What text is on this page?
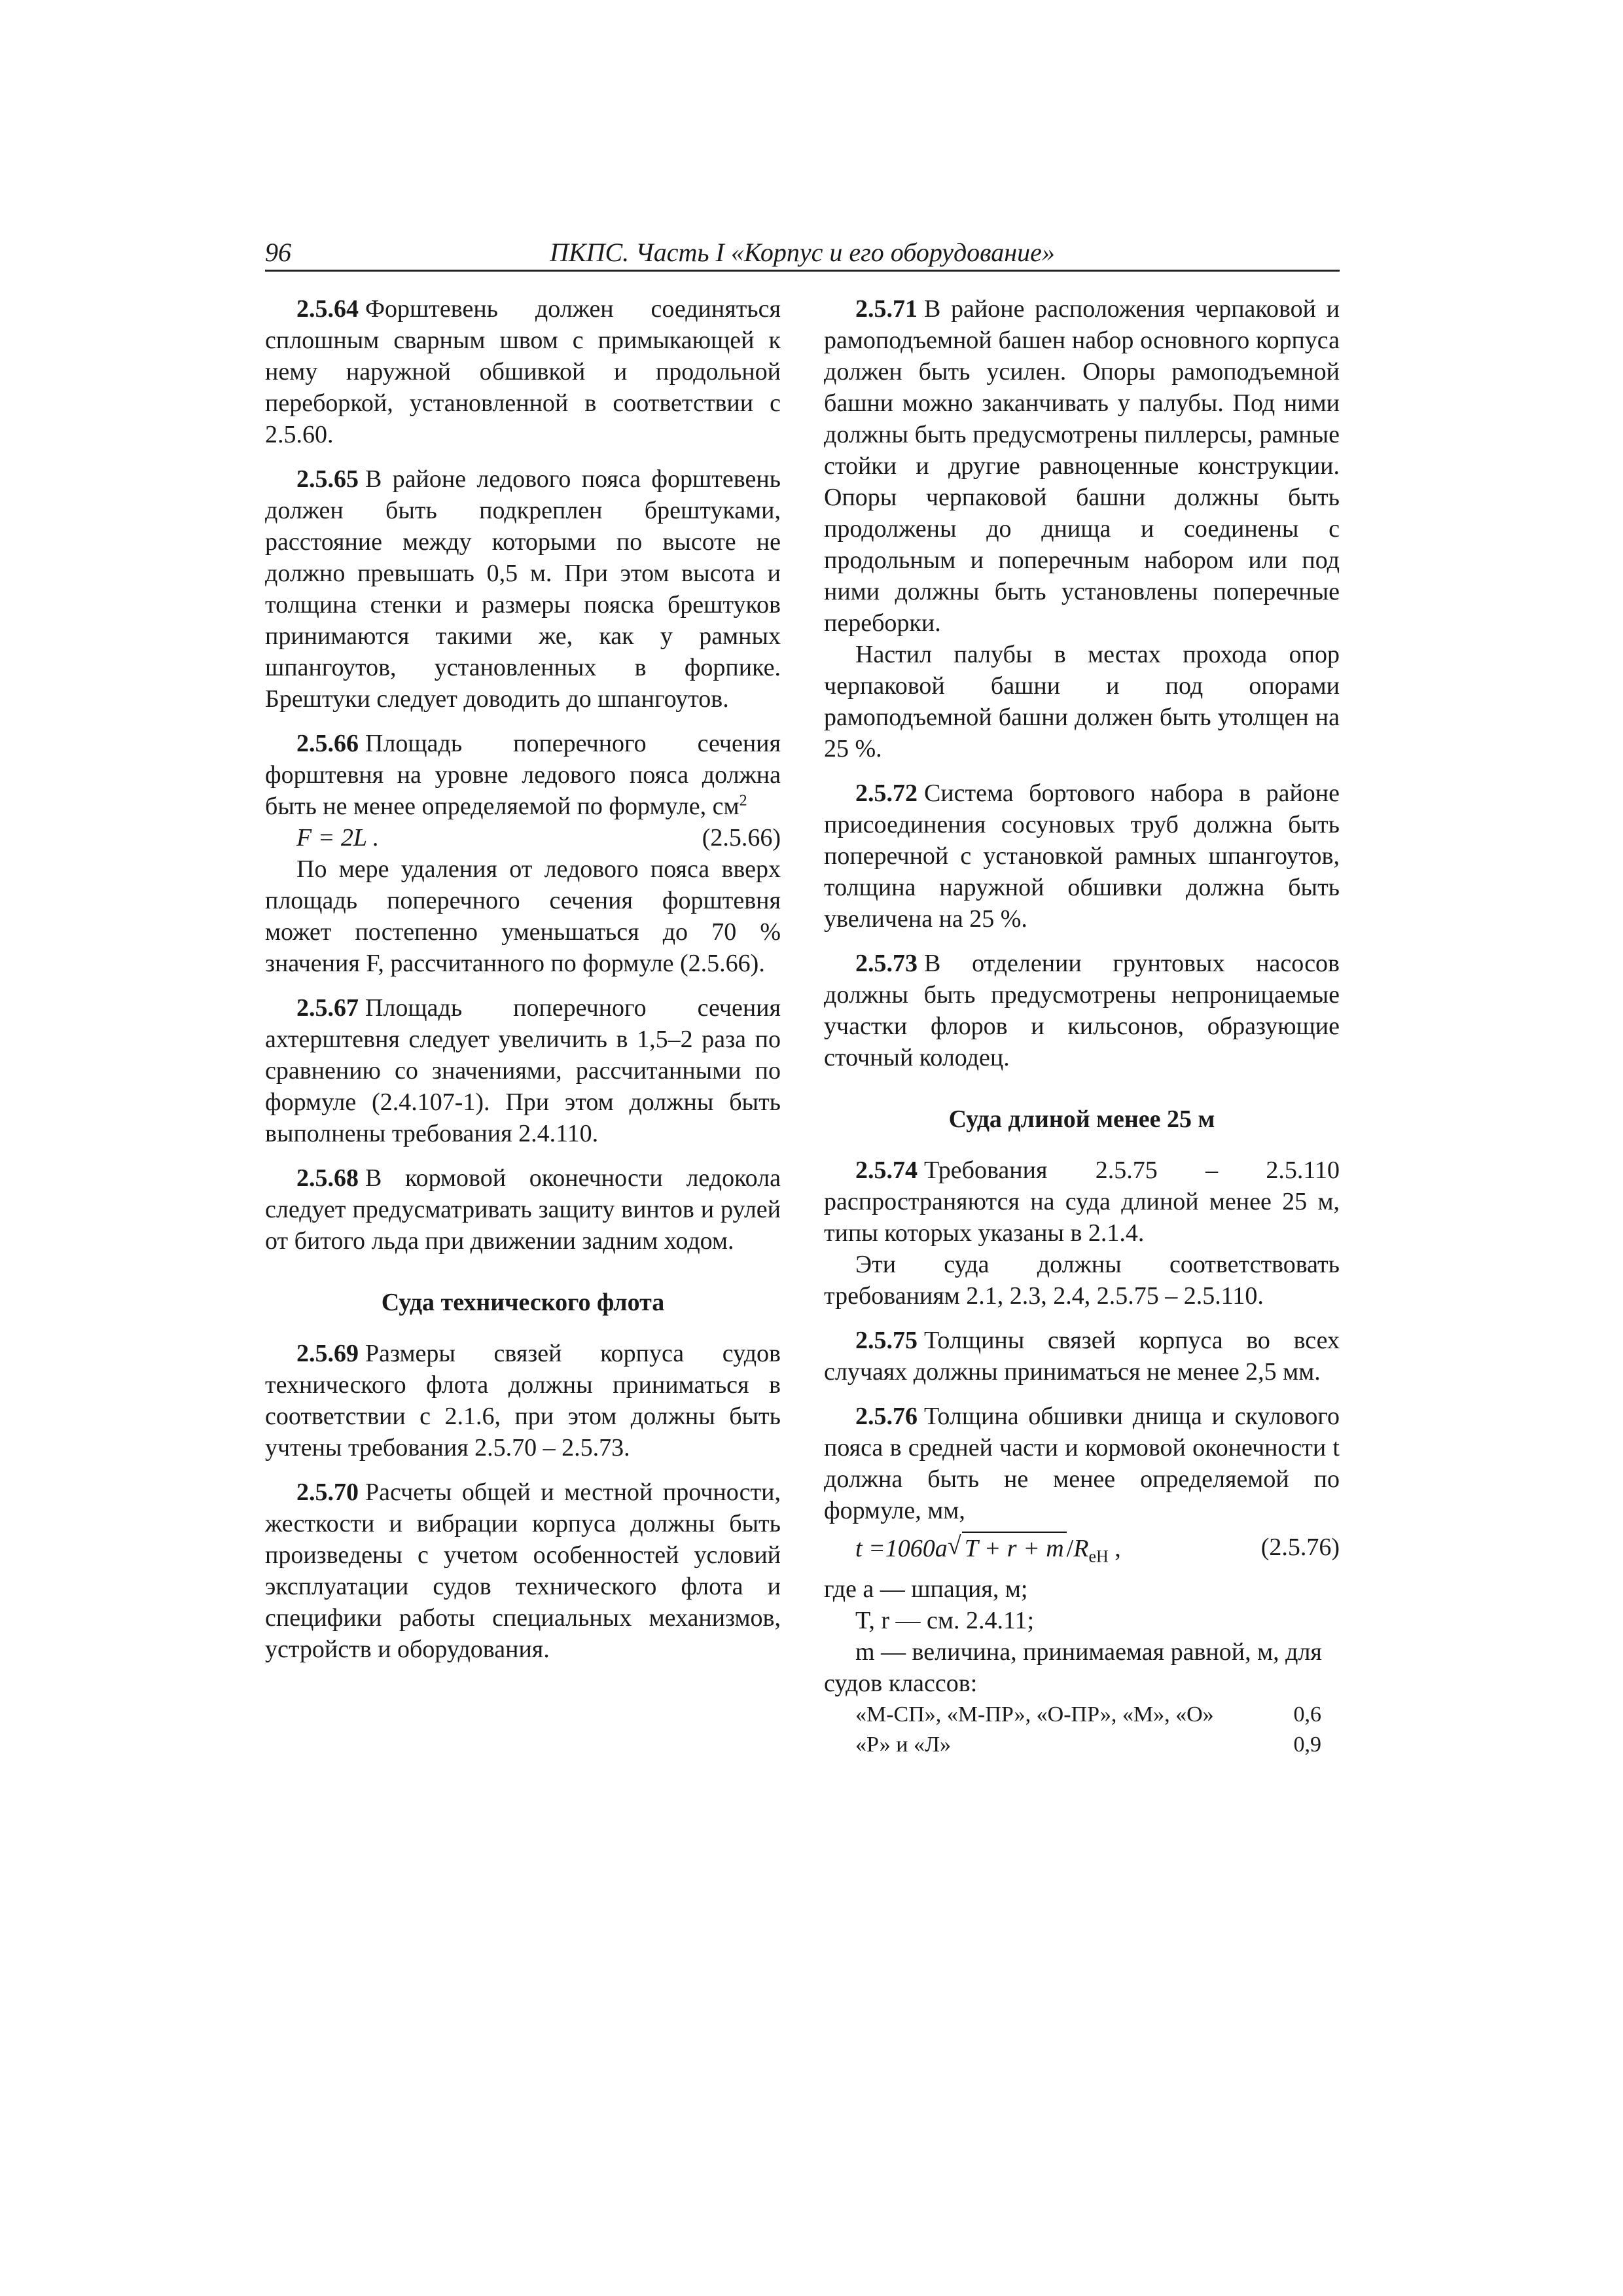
96	ПКПС. Часть I «Корпус и его оборудование»

2.5.64 Форштевень должен соединяться сплошным сварным швом с примыкающей к нему наружной обшивкой и продольной переборкой, установленной в соответствии с 2.5.60.

2.5.65 В районе ледового пояса форштевень должен быть подкреплен брештуками, расстояние между которыми по высоте не должно превышать 0,5 м. При этом высота и толщина стенки и размеры пояска брештуков принимаются такими же, как у рамных шпангоутов, установленных в форпике. Брештуки следует доводить до шпангоутов.

2.5.66 Площадь поперечного сечения форштевня на уровне ледового пояса должна быть не менее определяемой по формуле, $см^2$

F = 2L .	(2.5.66)

По мере удаления от ледового пояса вверх площадь поперечного сечения форштевня может постепенно уменьшаться до 70 % значения F, рассчитанного по формуле (2.5.66).

2.5.67 Площадь поперечного сечения ахтерштевня следует увеличить в 1,5–2 раза по сравнению со значениями, рассчитанными по формуле (2.4.107-1). При этом должны быть выполнены требования 2.4.110.

2.5.68 В кормовой оконечности ледокола следует предусматривать защиту винтов и рулей от битого льда при движении задним ходом.

Суда технического флота

2.5.69 Размеры связей корпуса судов технического флота должны приниматься в соответствии с 2.1.6, при этом должны быть учтены требования 2.5.70 – 2.5.73.

2.5.70 Расчеты общей и местной прочности, жесткости и вибрации корпуса должны быть произведены с учетом особенностей условий эксплуатации судов технического флота и специфики работы специальных механизмов, устройств и оборудования.

2.5.71 В районе расположения черпаковой и рамоподъемной башен набор основного корпуса должен быть усилен. Опоры рамоподъемной башни можно заканчивать у палубы. Под ними должны быть предусмотрены пиллерсы, рамные стойки и другие равноценные конструкции. Опоры черпаковой башни должны быть продолжены до днища и соединены с продольным и поперечным набором или под ними должны быть установлены поперечные переборки.

Настил палубы в местах прохода опор черпаковой башни и под опорами рамоподъемной башни должен быть утолщен на 25 %.

2.5.72 Система бортового набора в районе присоединения сосуновых труб должна быть поперечной с установкой рамных шпангоутов, толщина наружной обшивки должна быть увеличена на 25 %.

2.5.73 В отделении грунтовых насосов должны быть предусмотрены непроницаемые участки флоров и кильсонов, образующие сточный колодец.

Суда длиной менее 25 м

2.5.74 Требования 2.5.75 – 2.5.110 распространяются на суда длиной менее 25 м, типы которых указаны в 2.1.4.

Эти суда должны соответствовать требованиям 2.1, 2.3, 2.4, 2.5.75 – 2.5.110.

2.5.75 Толщины связей корпуса во всех случаях должны приниматься не менее 2,5 мм.

2.5.76 Толщина обшивки днища и скулового пояса в средней части и кормовой оконечности t должна быть не менее определяемой по формуле, мм,

t =1060a √ T + r + m $/R_{eH}$ ,	(2.5.76)

где a — шпация, м;

T, r — см. 2.4.11;

m — величина, принимаемая равной, м, для судов классов:

«М-СП», «М-ПР», «О-ПР», «М», «О»	0,6
«Р» и «Л»	0,9
